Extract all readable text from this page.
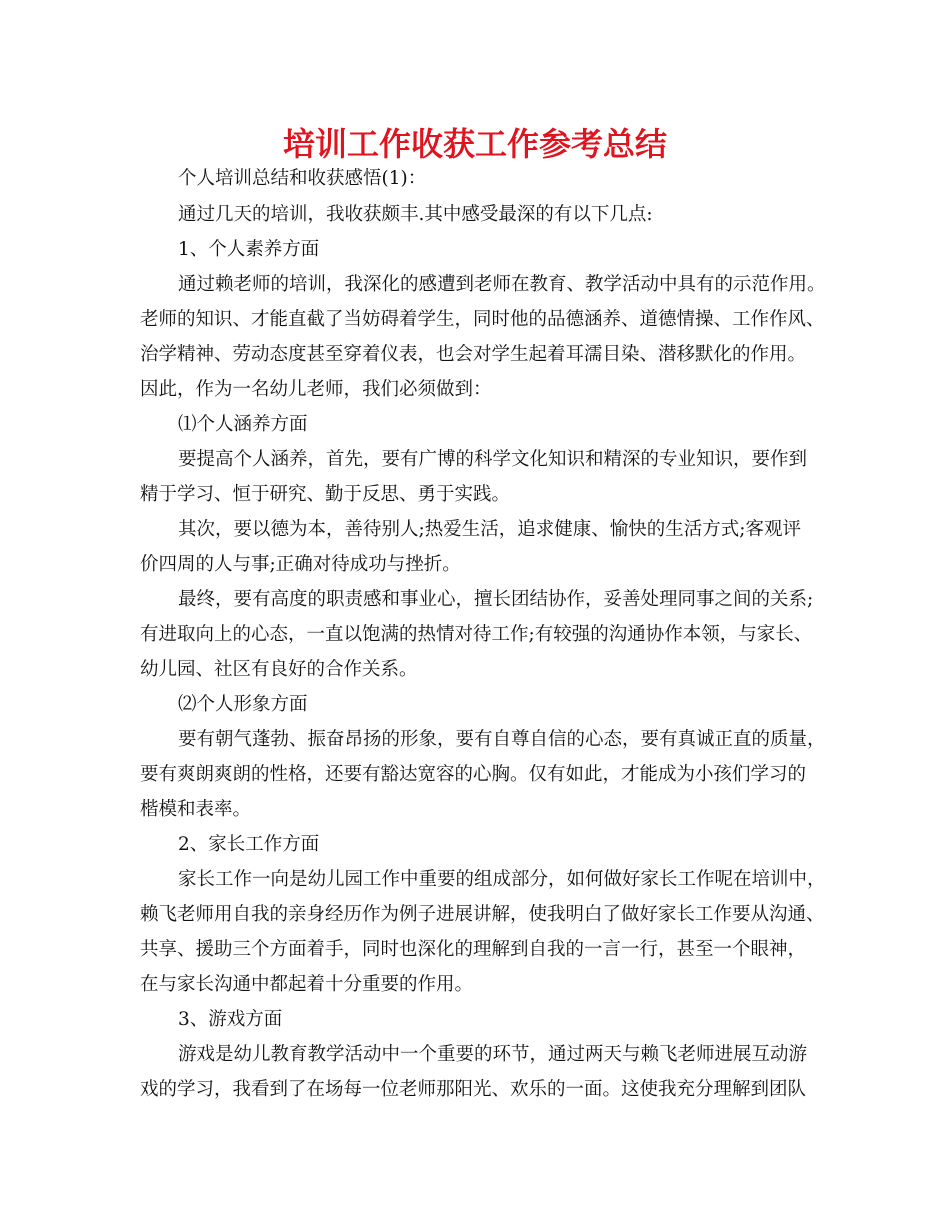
培训工作收获工作参考总结

个人培训总结和收获感悟(1)：

通过几天的培训，我收获颇丰.其中感受最深的有以下几点:

1、个人素养方面

通过赖老师的培训，我深化的感遭到老师在教育、教学活动中具有的示范作用。

老师的知识、才能直截了当妨碍着学生，同时他的品德涵养、道德情操、工作作风、

治学精神、劳动态度甚至穿着仪表，也会对学生起着耳濡目染、潜移默化的作用。

因此，作为一名幼儿老师，我们必须做到：

⑴个人涵养方面

要提高个人涵养，首先，要有广博的科学文化知识和精深的专业知识，要作到

精于学习、恒于研究、勤于反思、勇于实践。

其次，要以德为本，善待别人;热爱生活，追求健康、愉快的生活方式;客观评

价四周的人与事;正确对待成功与挫折。

最终，要有高度的职责感和事业心，擅长团结协作，妥善处理同事之间的关系;

有进取向上的心态，一直以饱满的热情对待工作;有较强的沟通协作本领，与家长、

幼儿园、社区有良好的合作关系。

⑵个人形象方面

要有朝气蓬勃、振奋昂扬的形象，要有自尊自信的心态，要有真诚正直的质量，

要有爽朗爽朗的性格，还要有豁达宽容的心胸。仅有如此，才能成为小孩们学习的

楷模和表率。

2、家长工作方面

家长工作一向是幼儿园工作中重要的组成部分，如何做好家长工作呢在培训中，

赖飞老师用自我的亲身经历作为例子进展讲解，使我明白了做好家长工作要从沟通、

共享、援助三个方面着手，同时也深化的理解到自我的一言一行，甚至一个眼神，

在与家长沟通中都起着十分重要的作用。

3、游戏方面

游戏是幼儿教育教学活动中一个重要的环节，通过两天与赖飞老师进展互动游

戏的学习，我看到了在场每一位老师那阳光、欢乐的一面。这使我充分理解到团队
